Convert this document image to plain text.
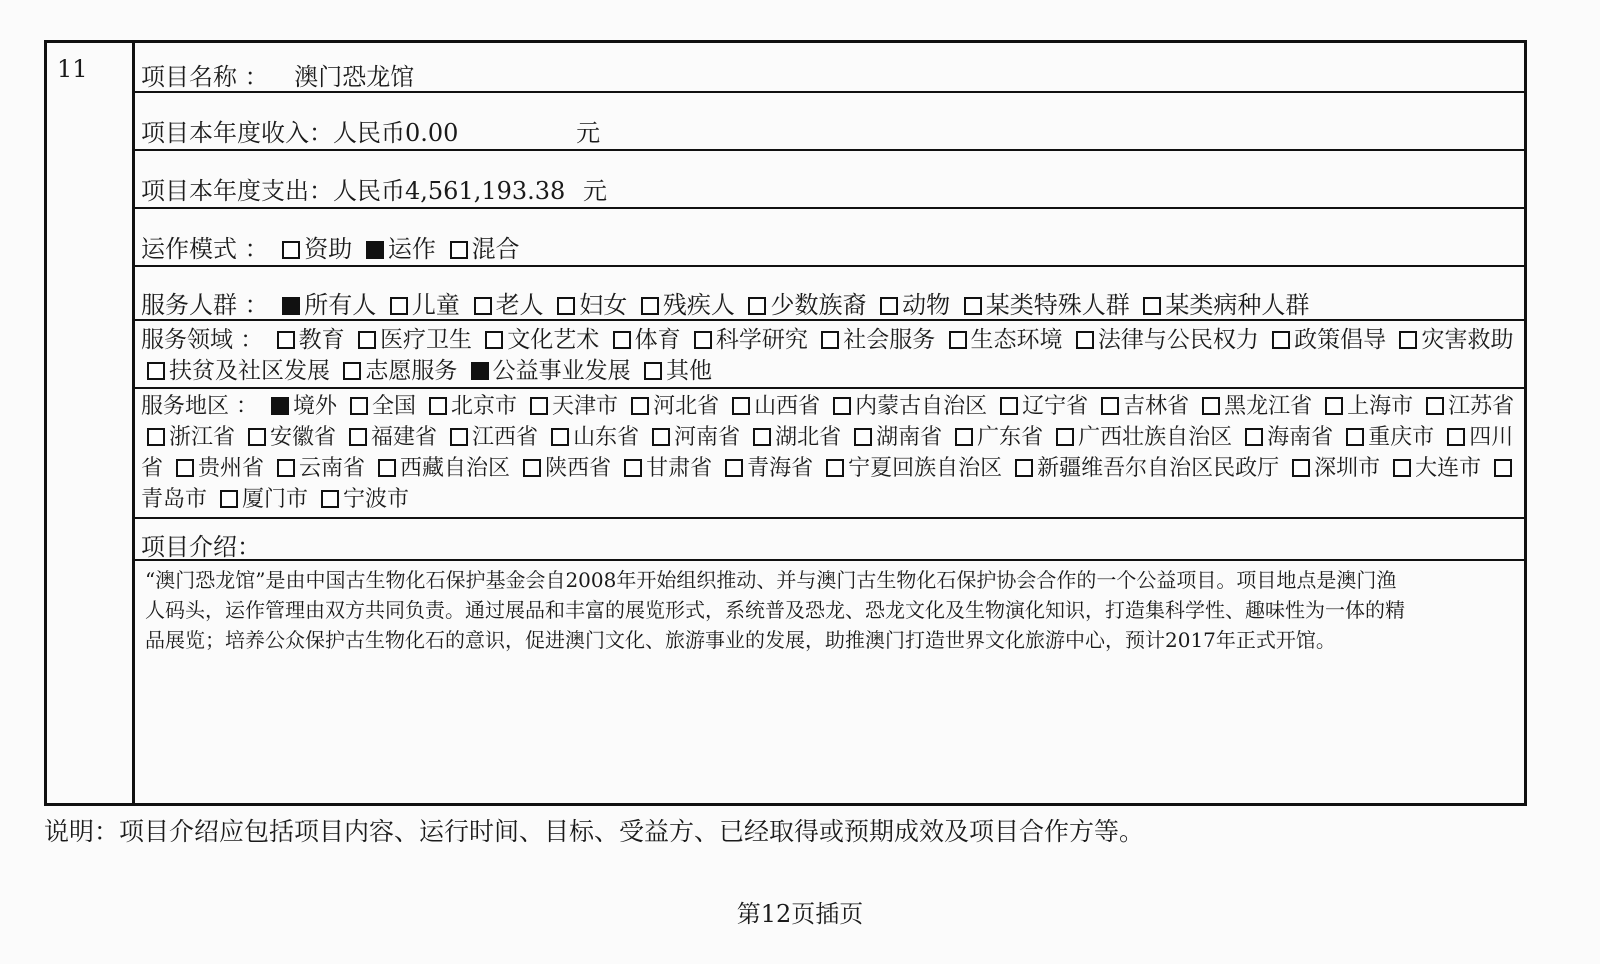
11 项目名称 ： 澳门恐龙馆
项目本年度收入：人民币0.00	元
项目本年度支出：人民币4,561,193.38 元
运作模式 ： 资助 运作 混合
服务人群 ： 所有人 儿童 老人 妇女 残疾人 少数族裔 动物 某类特殊人群 某类病种人群
服务领域 ： 教育 医疗卫生 文化艺术 体育 科学研究 社会服务 生态环境 法律与公民权力 政策倡导 灾害救助 扶贫及社区发展 志愿服务 公益事业发展 其他
服务地区 ： 境外 全国 北京市 天津市 河北省 山西省 内蒙古自治区 辽宁省 吉林省 黑龙江省 上海市 江苏省 浙江省 安徽省 福建省 江西省 山东省 河南省 湖北省 湖南省 广东省 广西壮族自治区 海南省 重庆市 四川省 贵州省 云南省 西藏自治区 陕西省 甘肃省 青海省 宁夏回族自治区 新疆维吾尔自治区民政厅 深圳市 大连市 青岛市 厦门市 宁波市
项目介绍：
“澳门恐龙馆”是由中国古生物化石保护基金会自2008年开始组织推动、并与澳门古生物化石保护协会合作的一个公益项目。项目地点是澳门渔人码头，运作管理由双方共同负责。通过展品和丰富的展览形式，系统普及恐龙、恐龙文化及生物演化知识，打造集科学性、趣味性为一体的精品展览；培养公众保护古生物化石的意识，促进澳门文化、旅游事业的发展，助推澳门打造世界文化旅游中心，预计2017年正式开馆。
说明：项目介绍应包括项目内容、运行时间、目标、受益方、已经取得或预期成效及项目合作方等。
第12页插页
